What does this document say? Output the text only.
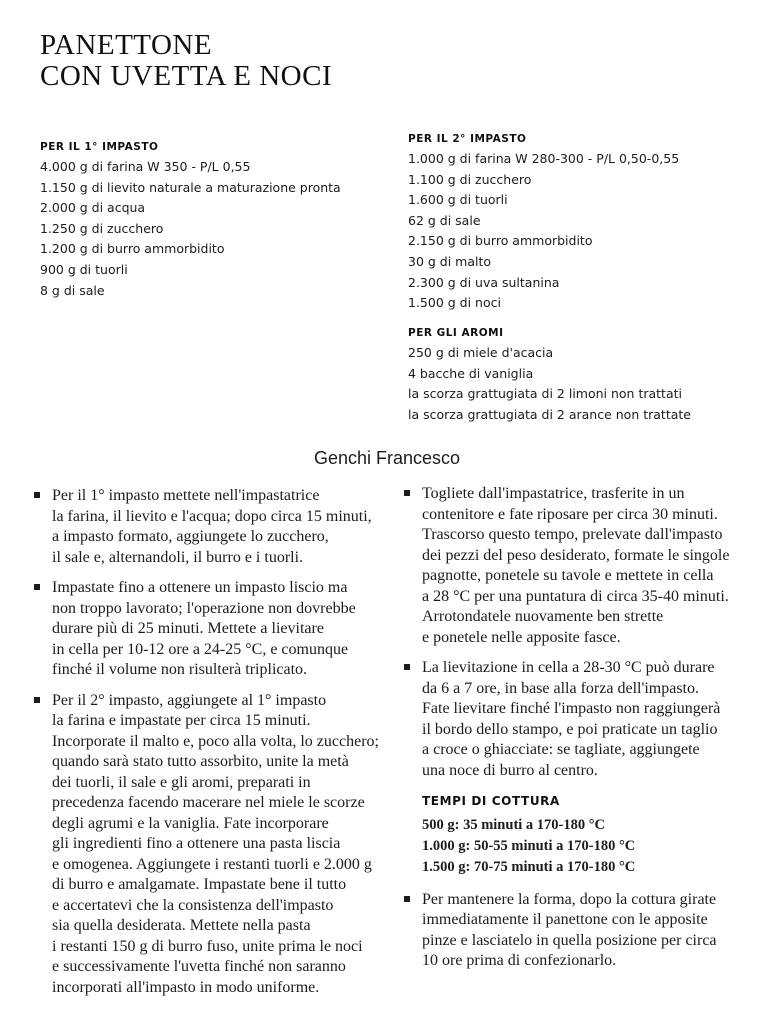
PANETTONE
CON UVETTA E NOCI
PER IL 1° IMPASTO
4.000 g di farina W 350 - P/L 0,55
1.150 g di lievito naturale a maturazione pronta
2.000 g di acqua
1.250 g di zucchero
1.200 g di burro ammorbidito
900 g di tuorli
8 g di sale
PER IL 2° IMPASTO
1.000 g di farina W 280-300 - P/L 0,50-0,55
1.100 g di zucchero
1.600 g di tuorli
62 g di sale
2.150 g di burro ammorbidito
30 g di malto
2.300 g di uva sultanina
1.500 g di noci
PER GLI AROMI
250 g di miele d'acacia
4 bacche di vaniglia
la scorza grattugiata di 2 limoni non trattati
la scorza grattugiata di 2 arance non trattate
Genchi Francesco

Per il 1° impasto mettete nell'impastatrice
la farina, il lievito e l'acqua; dopo circa 15 minuti,
a impasto formato, aggiungete lo zucchero,
il sale e, alternandoli, il burro e i tuorli.

Impastate fino a ottenere un impasto liscio ma
non troppo lavorato; l'operazione non dovrebbe
durare più di 25 minuti. Mettete a lievitare
in cella per 10-12 ore a 24-25 °C, e comunque
finché il volume non risulterà triplicato.

Per il 2° impasto, aggiungete al 1° impasto
la farina e impastate per circa 15 minuti.
Incorporate il malto e, poco alla volta, lo zucchero;
quando sarà stato tutto assorbito, unite la metà
dei tuorli, il sale e gli aromi, preparati in
precedenza facendo macerare nel miele le scorze
degli agrumi e la vaniglia. Fate incorporare
gli ingredienti fino a ottenere una pasta liscia
e omogenea. Aggiungete i restanti tuorli e 2.000 g
di burro e amalgamate. Impastate bene il tutto
e accertatevi che la consistenza dell'impasto
sia quella desiderata. Mettete nella pasta
i restanti 150 g di burro fuso, unite prima le noci
e successivamente l'uvetta finché non saranno
incorporati all'impasto in modo uniforme.

Togliete dall'impastatrice, trasferite in un
contenitore e fate riposare per circa 30 minuti.
Trascorso questo tempo, prelevate dall'impasto
dei pezzi del peso desiderato, formate le singole
pagnotte, ponetele su tavole e mettete in cella
a 28 °C per una puntatura di circa 35-40 minuti.
Arrotondatele nuovamente ben strette
e ponetele nelle apposite fasce.

La lievitazione in cella a 28-30 °C può durare
da 6 a 7 ore, in base alla forza dell'impasto.
Fate lievitare finché l'impasto non raggiungerà
il bordo dello stampo, e poi praticate un taglio
a croce o ghiacciate: se tagliate, aggiungete
una noce di burro al centro.

TEMPI DI COTTURA
500 g: 35 minuti a 170-180 °C
1.000 g: 50-55 minuti a 170-180 °C
1.500 g: 70-75 minuti a 170-180 °C

Per mantenere la forma, dopo la cottura girate
immediatamente il panettone con le apposite
pinze e lasciatelo in quella posizione per circa
10 ore prima di confezionarlo.
